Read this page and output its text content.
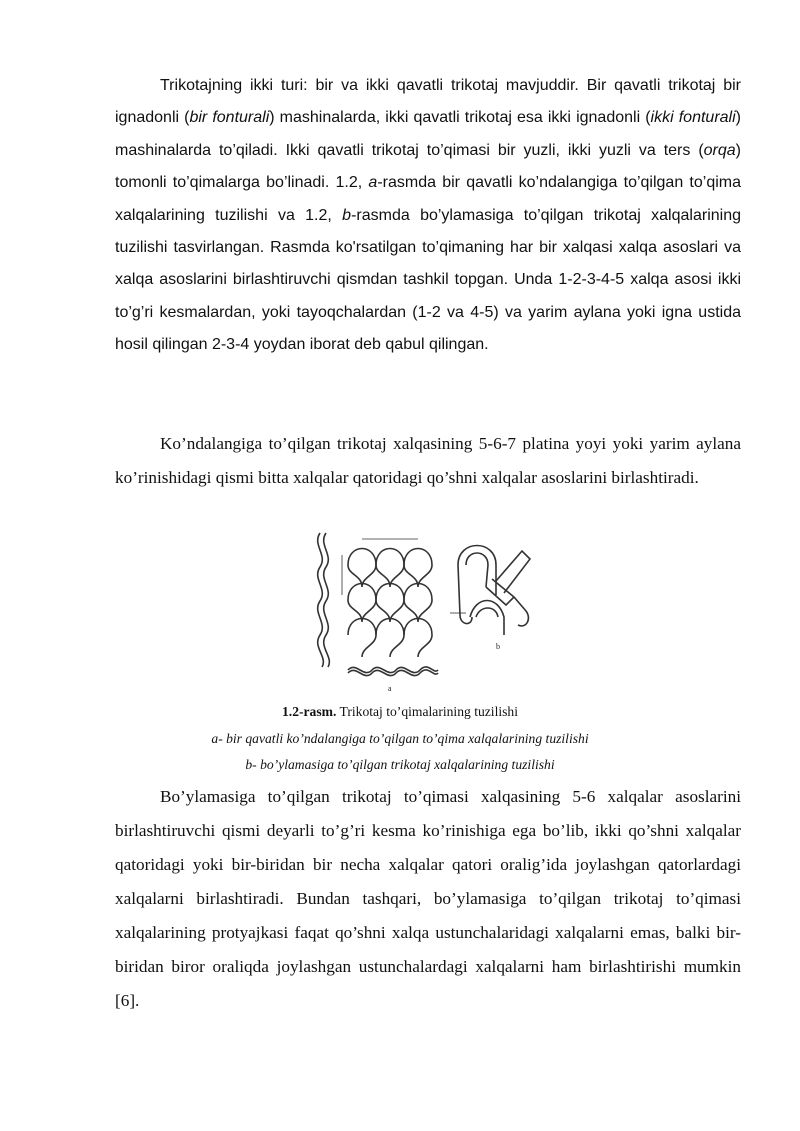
Trikotajning ikki turi: bir va ikki qavatli trikotaj mavjuddir. Bir qavatli trikotaj bir ignadonli (bir fonturali) mashinalarda, ikki qavatli trikotaj esa ikki ignadonli (ikki fonturali) mashinalarda to’qiladi. Ikki qavatli trikotaj to’qimasi bir yuzli, ikki yuzli va ters (orqa) tomonli to’qimalarga bo’linadi. 1.2, a-rasmda bir qavatli ko’ndalangiga to’qilgan to’qima xalqalarining tuzilishi va 1.2, b-rasmda bo’ylamasiga to’qilgan trikotaj xalqalarining tuzilishi tasvirlangan. Rasmda ko'rsatilgan to’qimaning har bir xalqasi xalqa asoslari va xalqa asoslarini birlashtiruvchi qismdan tashkil topgan. Unda 1-2-3-4-5 xalqa asosi ikki to’g’ri kesmalardan, yoki tayoqchalardan (1-2 va 4-5) va yarim aylana yoki igna ustida hosil qilingan 2-3-4 yoydan iborat deb qabul qilingan.

Ko’ndalangiga to’qilgan trikotaj xalqasining 5-6-7 platina yoyi yoki yarim aylana ko’rinishidagi qismi bitta xalqalar qatoridagi qo’shni xalqalar asoslarini birlashtiradi.

a
b

1.2-rasm. Trikotaj to’qimalarining tuzilishi

a- bir qavatli ko’ndalangiga to’qilgan to’qima xalqalarining tuzilishi

b- bo’ylamasiga to’qilgan trikotaj xalqalarining tuzilishi

Bo’ylamasiga to’qilgan trikotaj to’qimasi xalqasining 5-6 xalqalar asoslarini birlashtiruvchi qismi deyarli to’g’ri kesma ko’rinishiga ega bo’lib, ikki qo’shni xalqalar qatoridagi yoki bir-biridan bir necha xalqalar qatori oralig’ida joylashgan qatorlardagi xalqalarni birlashtiradi. Bundan tashqari, bo’ylamasiga to’qilgan trikotaj to’qimasi xalqalarining protyajkasi faqat qo’shni xalqa ustunchalaridagi xalqalarni emas, balki bir-biridan biror oraliqda joylashgan ustunchalardagi xalqalarni ham birlashtirishi mumkin [6].
